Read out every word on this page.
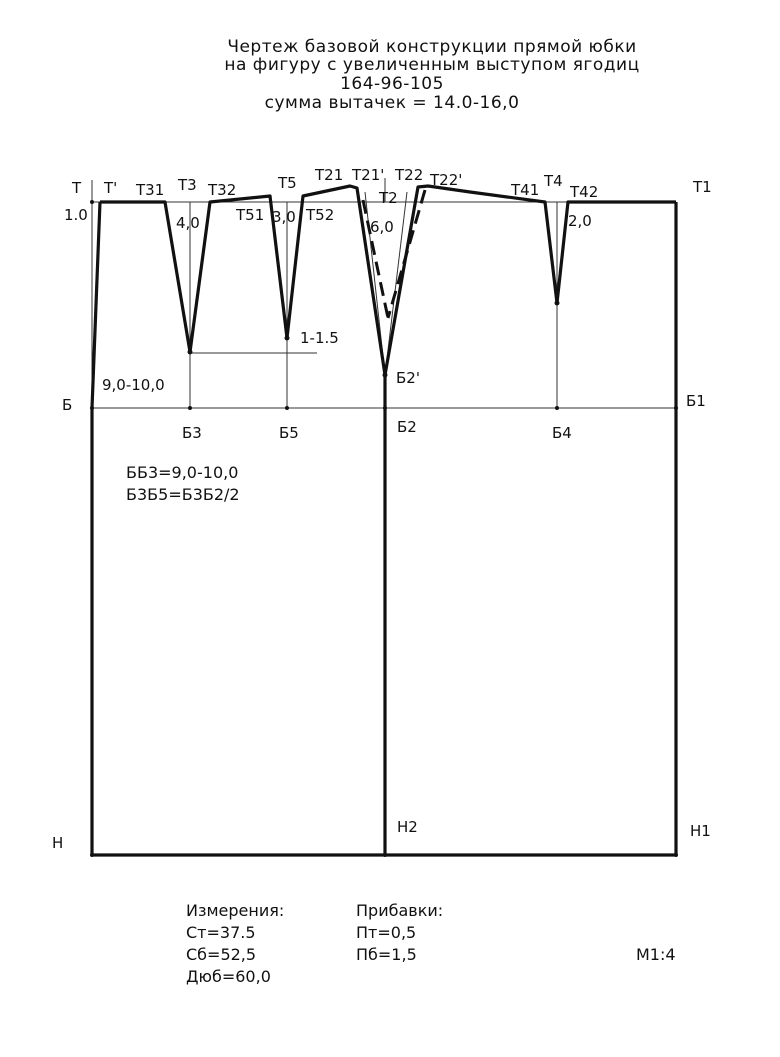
Чертеж базовой конструкции прямой юбки
на фигуру с увеличенным выступом ягодиц
164-96-105
сумма вытачек = 14.0-16,0
Т Т' Т31 Т3 Т32	Т5
Т51	Т52
Т21 Т21' Т22 Т22'
Т2	Т41 Т4
Т42	Т1
Б	Б1
Б2'
Б3	Б5	Б2	Б4
Н
Н2	Н1
1.0	4,0	3,0
6,0	2,0
1-1.5
9,0-10,0
ББ3=9,0-10,0
Б3Б5=Б3Б2/2
Измерения:
Ст=37.5
Сб=52,5
Дюб=60,0
Прибавки:
Пт=0,5
Пб=1,5	М1:4
